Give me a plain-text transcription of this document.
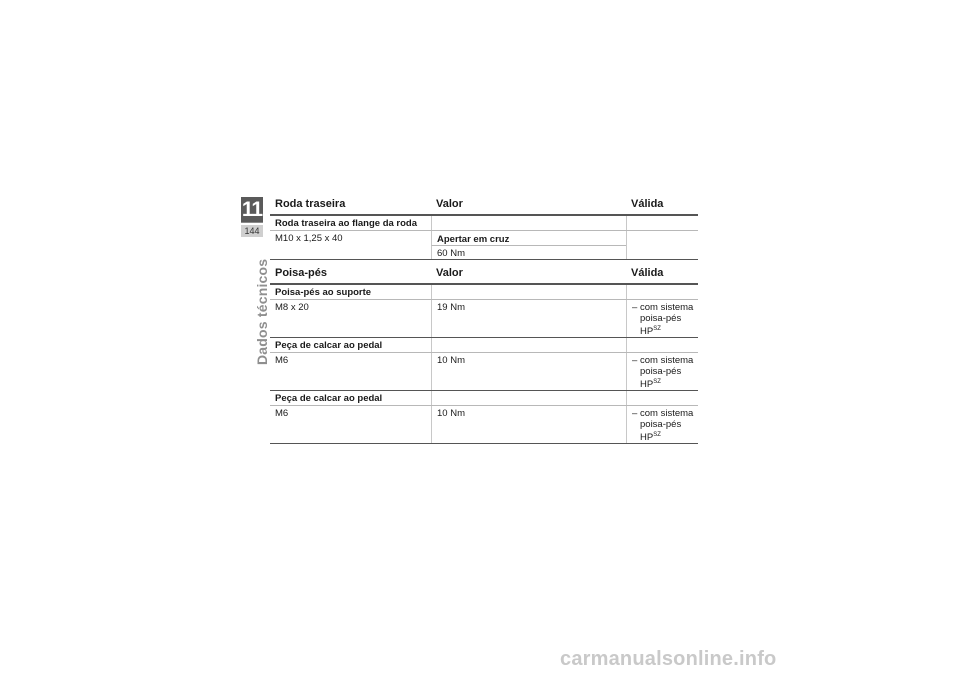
11
144
Dados técnicos
Roda traseira	Valor	Válida
Roda traseira ao flange da roda
M10 x 1,25 x 40	Apertar em cruz
60 Nm
Poisa-pés	Valor	Válida
Poisa-pés ao suporte
M8 x 20	19 Nm	– com sistema
poisa-pés
$HP^{SZ}$
Peça de calcar ao pedal
M6	10 Nm	– com sistema
poisa-pés
$HP^{SZ}$
Peça de calcar ao pedal
M6	10 Nm	– com sistema
poisa-pés
$HP^{SZ}$
carmanualsonline.info
